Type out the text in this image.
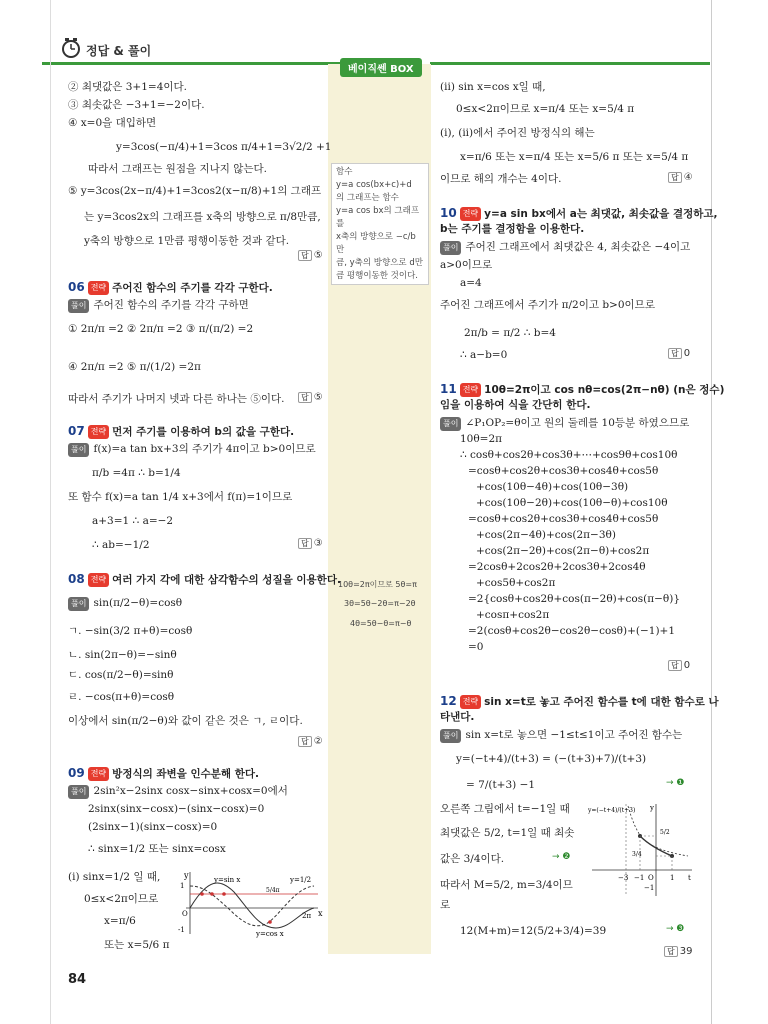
정답 & 풀이
베이직쎈 BOX
함수
y=a cos(bx+c)+d
의 그래프는 함수
y=a cos bx의 그래프를
x축의 방향으로 −c/b 만
큼, y축의 방향으로 d만
큼 평행이동한 것이다.
10θ=2π이므로 5θ=π
3θ=5θ−2θ=π−2θ
4θ=5θ−θ=π−θ
② 최댓값은 3+1=4이다.
③ 최솟값은 −3+1=−2이다.
④ x=0을 대입하면
y=3cos(−π/4)+1=3cos π/4+1=3√2/2 +1
따라서 그래프는 원점을 지나지 않는다.
⑤ y=3cos(2x−π/4)+1=3cos2(x−π/8)+1의 그래프
는 y=3cos2x의 그래프를 x축의 방향으로 π/8만큼,
y축의 방향으로 1만큼 평행이동한 것과 같다.
답 ⑤
06 전략 주어진 함수의 주기를 각각 구한다.
풀이 주어진 함수의 주기를 각각 구하면
① 2π/π =2 ② 2π/π =2 ③ π/(π/2) =2
④ 2π/π =2 ⑤ π/(1/2) =2π
따라서 주기가 나머지 넷과 다른 하나는 ⑤이다.	답 ⑤
07 전략 먼저 주기를 이용하여 b의 값을 구한다.
풀이 f(x)=a tan bx+3의 주기가 4π이고 b>0이므로
π/b =4π ∴ b=1/4
또 함수 f(x)=a tan 1/4 x+3에서 f(π)=1이므로
a+3=1 ∴ a=−2
∴ ab=−1/2	답 ③
08 전략 여러 가지 각에 대한 삼각함수의 성질을 이용한다.
풀이 sin(π/2−θ)=cosθ
ㄱ. −sin(3/2 π+θ)=cosθ
ㄴ. sin(2π−θ)=−sinθ
ㄷ. cos(π/2−θ)=sinθ
ㄹ. −cos(π+θ)=cosθ
이상에서 sin(π/2−θ)와 값이 같은 것은 ㄱ, ㄹ이다.
답 ②
09 전략 방정식의 좌변을 인수분해 한다.
풀이 2sin²x−2sinx cosx−sinx+cosx=0에서
2sinx(sinx−cosx)−(sinx−cosx)=0
(2sinx−1)(sinx−cosx)=0
∴ sinx=1/2 또는 sinx=cosx
(i) sinx=1/2 일 때,
0≤x<2π이므로
x=π/6
또는 x=5/6 π
y
x
1
-1
O
y=sin x
y=cos x
y=1/2
5/4π
2π
84
(ii) sin x=cos x일 때,
0≤x<2π이므로 x=π/4 또는 x=5/4 π
(i), (ii)에서 주어진 방정식의 해는
x=π/6 또는 x=π/4 또는 x=5/6 π 또는 x=5/4 π
이므로 해의 개수는 4이다.	답 ④
10 전략 y=a sin bx에서 a는 최댓값, 최솟값을 결정하고,
b는 주기를 결정함을 이용한다.
풀이 주어진 그래프에서 최댓값은 4, 최솟값은 −4이고
a>0이므로
a=4
주어진 그래프에서 주기가 π/2이고 b>0이므로
2π/b = π/2 ∴ b=4
∴ a−b=0	답 0
11 전략 10θ=2π이고 cos nθ=cos(2π−nθ) (n은 정수)
임을 이용하여 식을 간단히 한다.
풀이 ∠P₁OP₂=θ이고 원의 둘레를 10등분 하였으므로
10θ=2π
∴ cosθ+cos2θ+cos3θ+⋯+cos9θ+cos10θ
=cosθ+cos2θ+cos3θ+cos4θ+cos5θ
+cos(10θ−4θ)+cos(10θ−3θ)
+cos(10θ−2θ)+cos(10θ−θ)+cos10θ
=cosθ+cos2θ+cos3θ+cos4θ+cos5θ
+cos(2π−4θ)+cos(2π−3θ)
+cos(2π−2θ)+cos(2π−θ)+cos2π
=2cosθ+2cos2θ+2cos3θ+2cos4θ
+cos5θ+cos2π
=2{cosθ+cos2θ+cos(π−2θ)+cos(π−θ)}
+cosπ+cos2π
=2(cosθ+cos2θ−cos2θ−cosθ)+(−1)+1
=0
답 0
12 전략 sin x=t로 놓고 주어진 함수를 t에 대한 함수로 나
타낸다.
풀이 sin x=t로 놓으면 −1≤t≤1이고 주어진 함수는
y=(−t+4)/(t+3) = (−(t+3)+7)/(t+3)
= 7/(t+3) −1	→ ❶
오른쪽 그림에서 t=−1일 때
최댓값은 5/2, t=1일 때 최솟
값은 3/4이다.	→ ❷
따라서 M=5/2, m=3/4이므
로
12(M+m)=12(5/2+3/4)=39	→ ❸
답 39
y=(−t+4)/(t+3) y
t
5/2
3/4
−3 −1 O 1
−1
